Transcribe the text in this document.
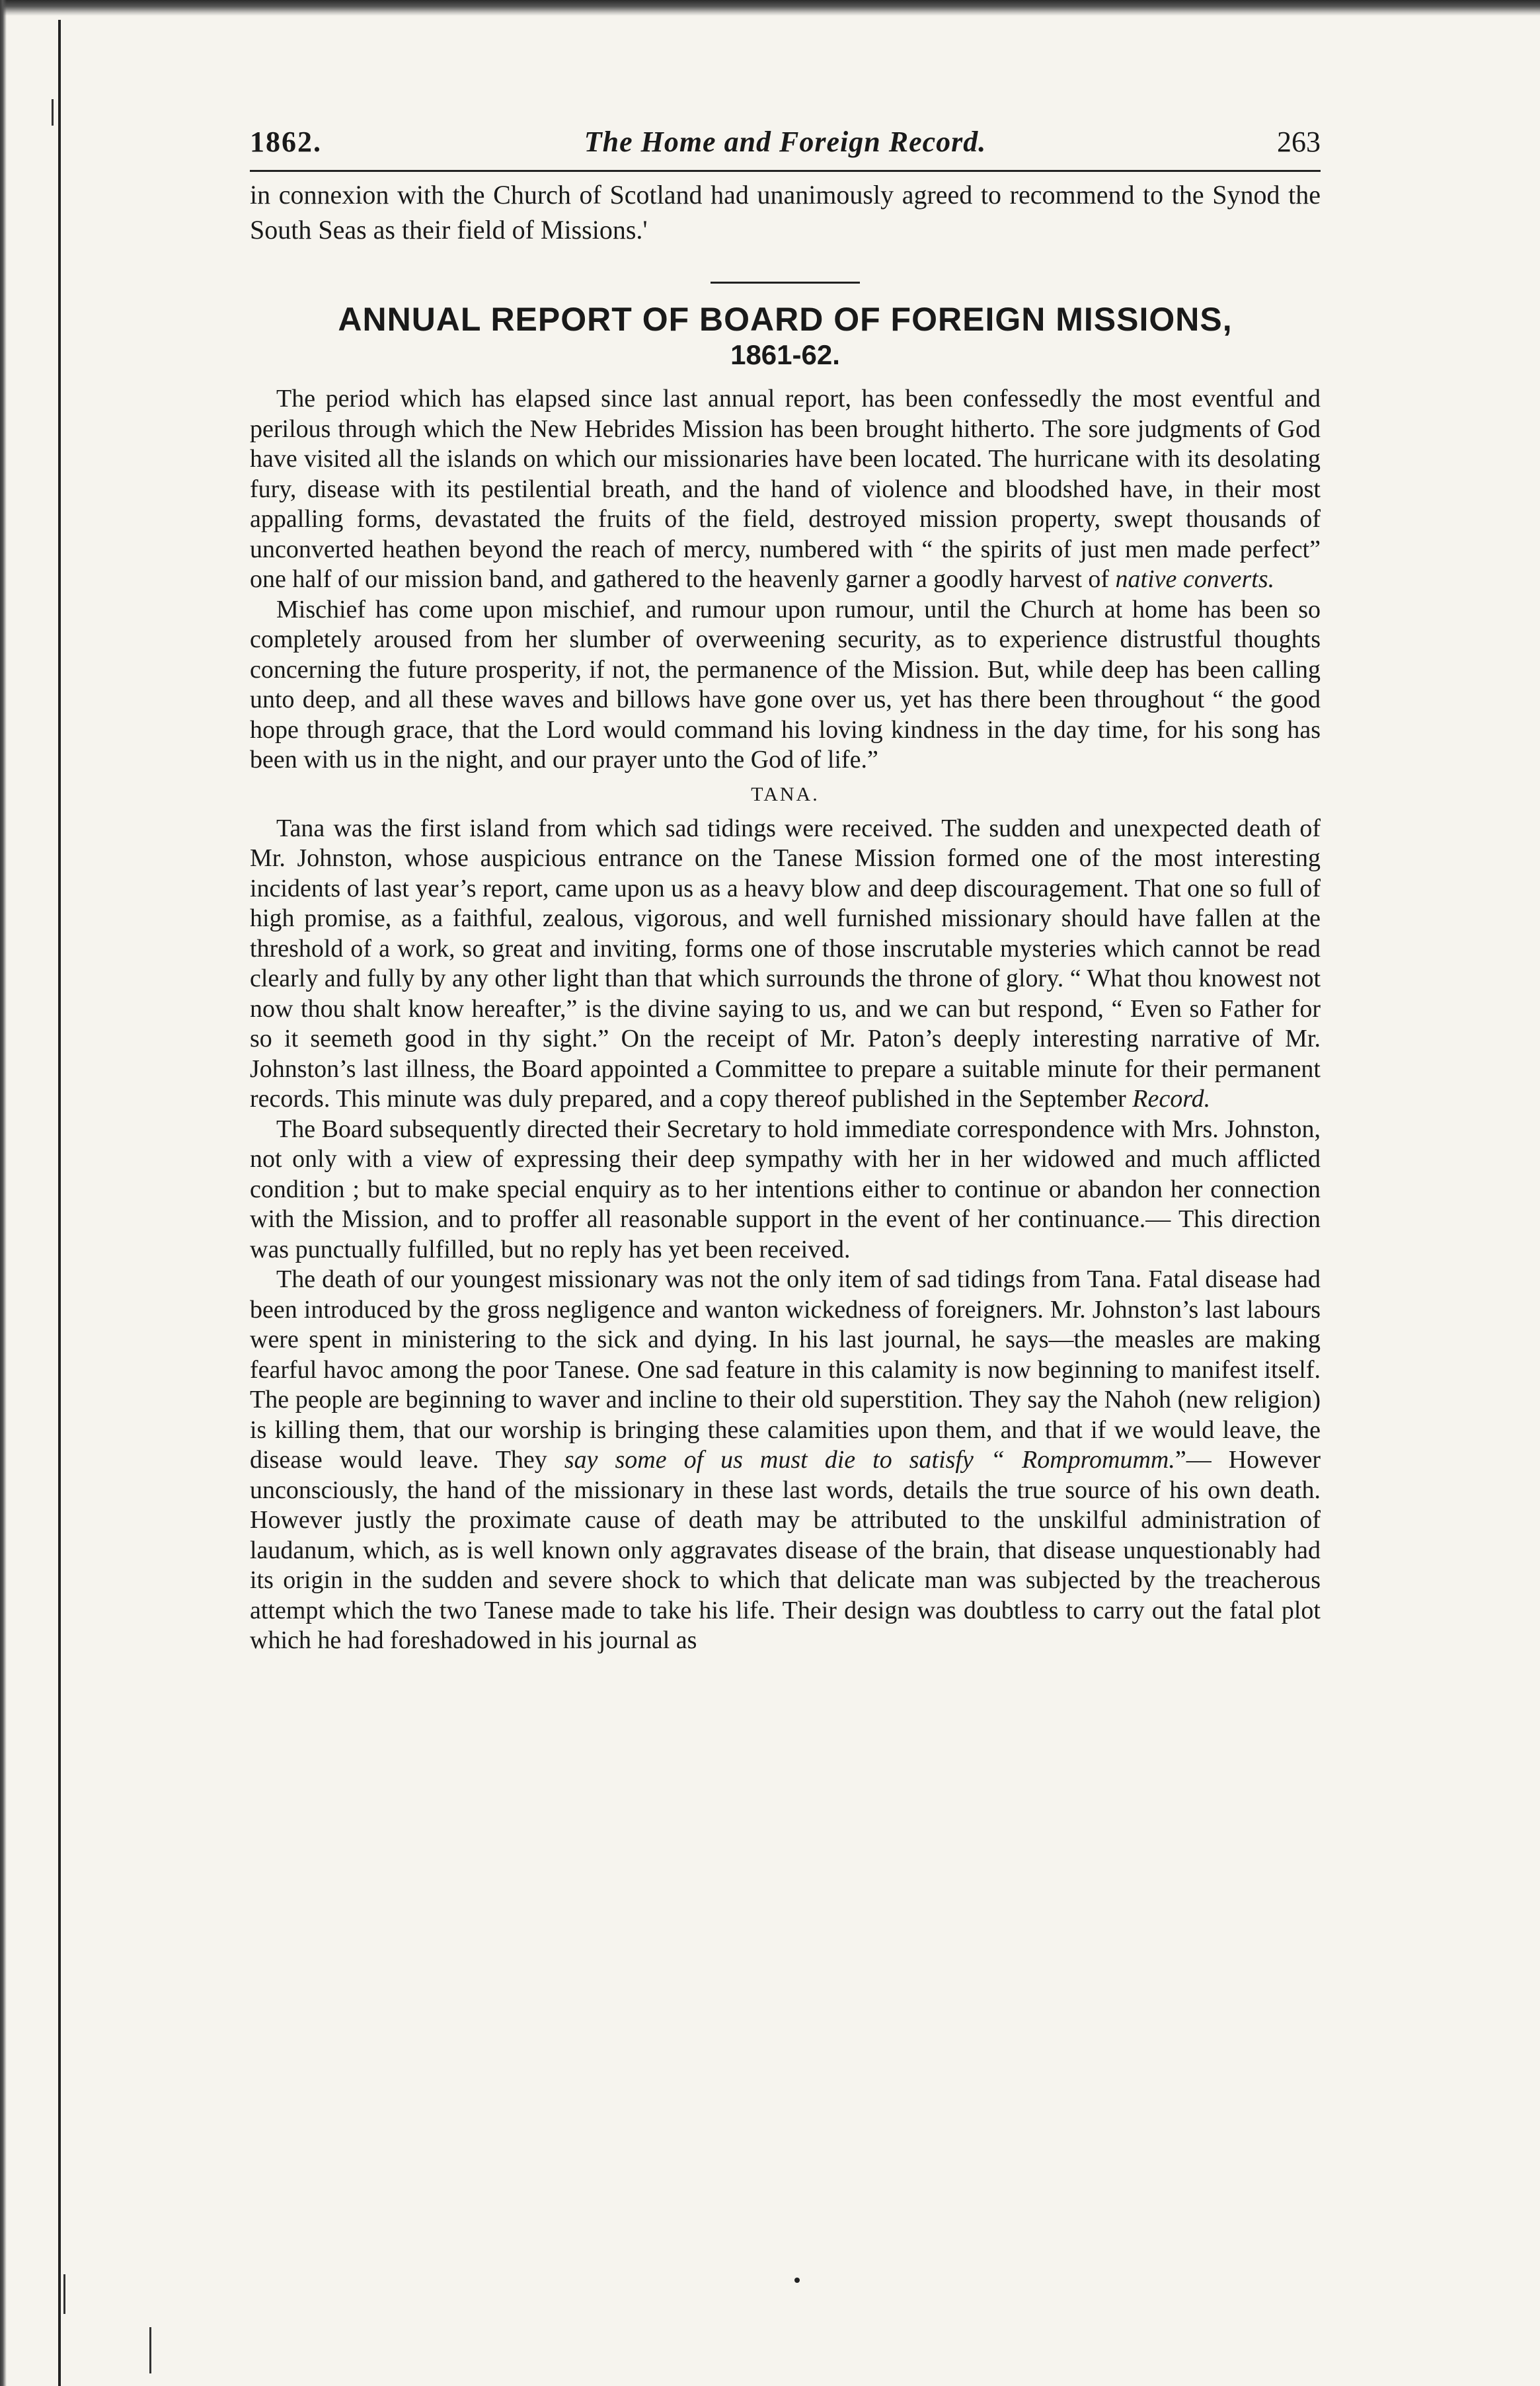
1862.	The Home and Foreign Record.	263

in connexion with the Church of Scotland had unanimously agreed to recommend to the Synod the South Seas as their field of Missions.'

ANNUAL REPORT OF BOARD OF FOREIGN MISSIONS,
1861-62.

The period which has elapsed since last annual report, has been confessedly the most eventful and perilous through which the New Hebrides Mission has been brought hitherto. The sore judgments of God have visited all the islands on which our missionaries have been located. The hurricane with its desolating fury, disease with its pestilential breath, and the hand of violence and bloodshed have, in their most appalling forms, devastated the fruits of the field, destroyed mission property, swept thousands of unconverted heathen beyond the reach of mercy, numbered with “ the spirits of just men made perfect” one half of our mission band, and gathered to the heavenly garner a goodly harvest of native converts.

Mischief has come upon mischief, and rumour upon rumour, until the Church at home has been so completely aroused from her slumber of overweening security, as to experience distrustful thoughts concerning the future prosperity, if not, the permanence of the Mission. But, while deep has been calling unto deep, and all these waves and billows have gone over us, yet has there been throughout “ the good hope through grace, that the Lord would command his loving kindness in the day time, for his song has been with us in the night, and our prayer unto the God of life.”

TANA.

Tana was the first island from which sad tidings were received. The sudden and unexpected death of Mr. Johnston, whose auspicious entrance on the Tanese Mission formed one of the most interesting incidents of last year’s report, came upon us as a heavy blow and deep discouragement. That one so full of high promise, as a faithful, zealous, vigorous, and well furnished missionary should have fallen at the threshold of a work, so great and inviting, forms one of those inscrutable mysteries which cannot be read clearly and fully by any other light than that which surrounds the throne of glory. “ What thou knowest not now thou shalt know hereafter,” is the divine saying to us, and we can but respond, “ Even so Father for so it seemeth good in thy sight.” On the receipt of Mr. Paton’s deeply interesting narrative of Mr. Johnston’s last illness, the Board appointed a Committee to prepare a suitable minute for their permanent records. This minute was duly prepared, and a copy thereof published in the September Record.

The Board subsequently directed their Secretary to hold immediate correspondence with Mrs. Johnston, not only with a view of expressing their deep sympathy with her in her widowed and much afflicted condition ; but to make special enquiry as to her intentions either to continue or abandon her connection with the Mission, and to proffer all reasonable support in the event of her continuance.— This direction was punctually fulfilled, but no reply has yet been received.

The death of our youngest missionary was not the only item of sad tidings from Tana. Fatal disease had been introduced by the gross negligence and wanton wickedness of foreigners. Mr. Johnston’s last labours were spent in ministering to the sick and dying. In his last journal, he says—the measles are making fearful havoc among the poor Tanese. One sad feature in this calamity is now beginning to manifest itself. The people are beginning to waver and incline to their old superstition. They say the Nahoh (new religion) is killing them, that our worship is bringing these calamities upon them, and that if we would leave, the disease would leave. They say some of us must die to satisfy “ Rompromumm.”— However unconsciously, the hand of the missionary in these last words, details the true source of his own death. However justly the proximate cause of death may be attributed to the unskilful administration of laudanum, which, as is well known only aggravates disease of the brain, that disease unquestionably had its origin in the sudden and severe shock to which that delicate man was subjected by the treacherous attempt which the two Tanese made to take his life. Their design was doubtless to carry out the fatal plot which he had foreshadowed in his journal as
